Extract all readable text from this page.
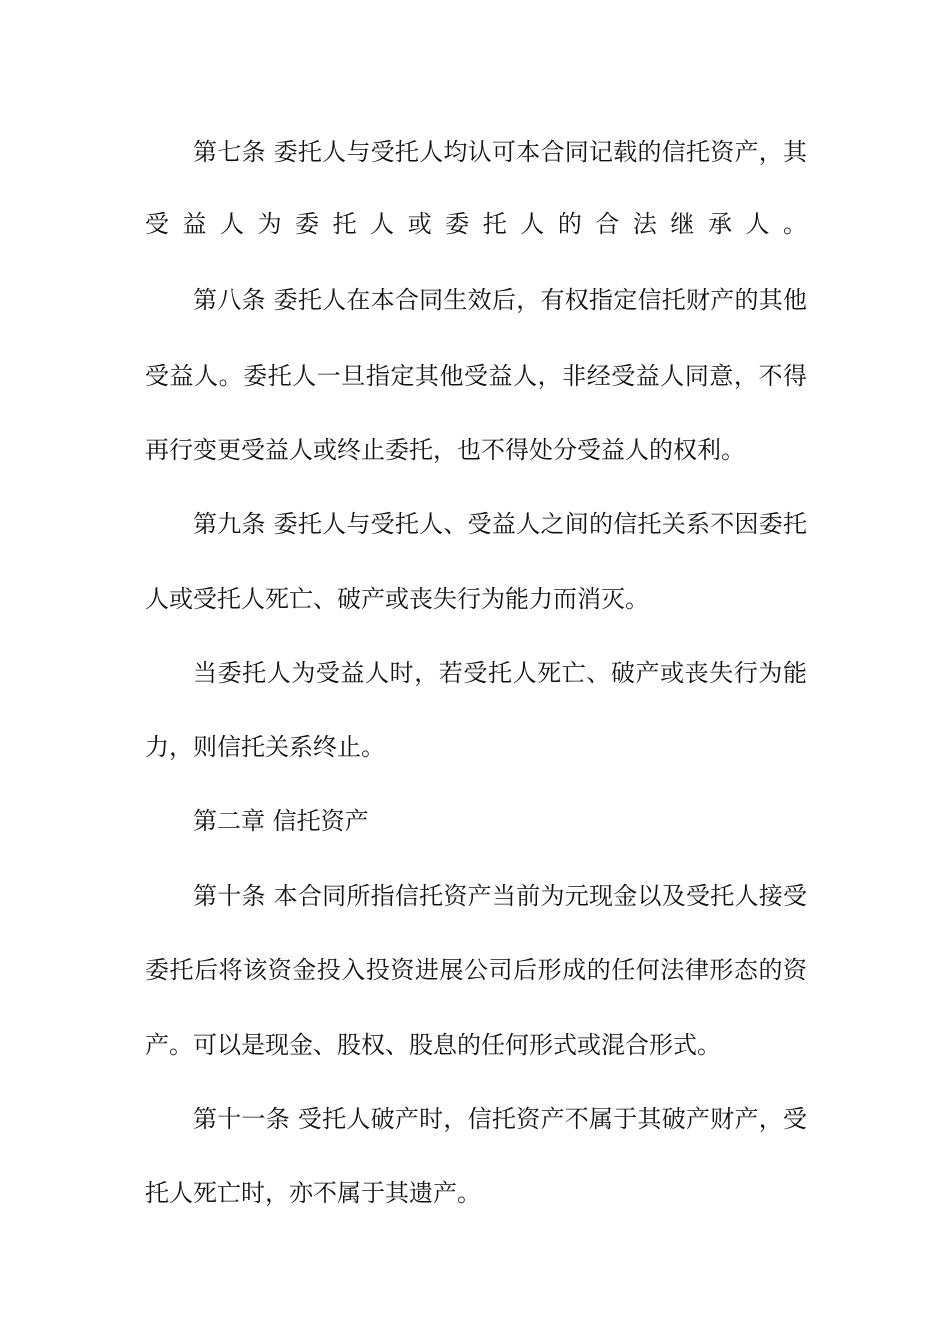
第七条 委托人与受托人均认可本合同记载的信托资产，其
受益人为委托人或委托人的合法继承人。
第八条 委托人在本合同生效后，有权指定信托财产的其他
受益人。委托人一旦指定其他受益人，非经受益人同意，不得
再行变更受益人或终止委托，也不得处分受益人的权利。
第九条 委托人与受托人、受益人之间的信托关系不因委托
人或受托人死亡、破产或丧失行为能力而消灭。
当委托人为受益人时，若受托人死亡、破产或丧失行为能
力，则信托关系终止。
第二章 信托资产
第十条 本合同所指信托资产当前为元现金以及受托人接受
委托后将该资金投入投资进展公司后形成的任何法律形态的资
产。可以是现金、股权、股息的任何形式或混合形式。
第十一条 受托人破产时，信托资产不属于其破产财产，受
托人死亡时，亦不属于其遗产。
